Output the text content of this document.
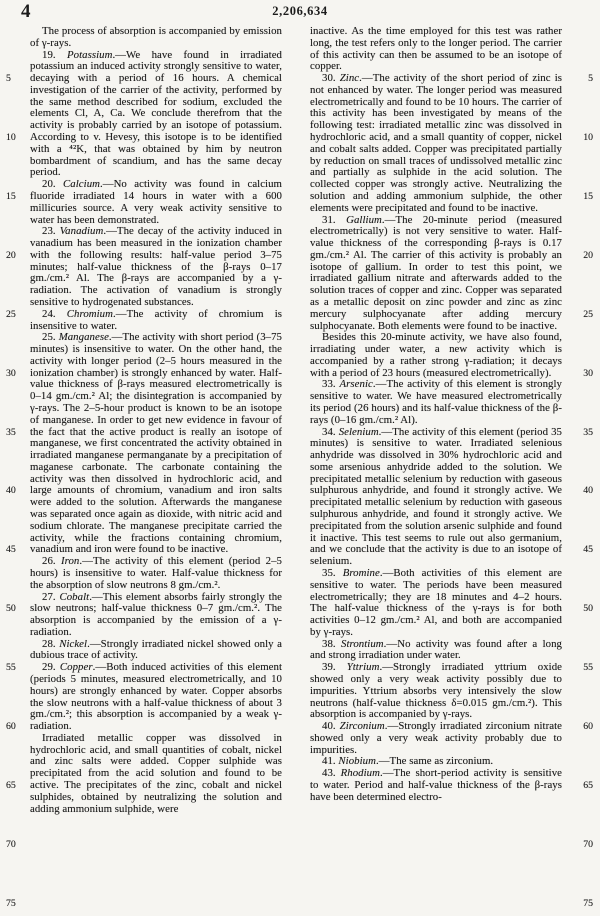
4	2,206,634
5
10
15
20
25
30
35
40
45
50
55
60
65
70
75

The process of absorption is accompanied by emission of γ-rays.

19. Potassium.—We have found in irradiated potassium an induced activity strongly sensitive to water, decaying with a period of 16 hours. A chemical investigation of the carrier of the activity, performed by the same method described for sodium, excluded the elements Cl, A, Ca. We conclude therefrom that the activity is probably carried by an isotope of potassium. According to v. Hevesy, this isotope is to be identified with a ⁴²K, that was obtained by him by neutron bombardment of scandium, and has the same decay period.

20. Calcium.—No activity was found in calcium fluoride irradiated 14 hours in water with a 600 millicuries source. A very weak activity sensitive to water has been demonstrated.

23. Vanadium.—The decay of the activity induced in vanadium has been measured in the ionization chamber with the following results: half-value period 3–75 minutes; half-value thickness of the β-rays 0–17 gm./cm.² Al. The β-rays are accompanied by a γ-radiation. The activation of vanadium is strongly sensitive to hydrogenated substances.

24. Chromium.—The activity of chromium is insensitive to water.

25. Manganese.—The activity with short period (3–75 minutes) is insensitive to water. On the other hand, the activity with longer period (2–5 hours measured in the ionization chamber) is strongly enhanced by water. Half-value thickness of β-rays measured electrometrically is 0–14 gm./cm.² Al; the disintegration is accompanied by γ-rays. The 2–5-hour product is known to be an isotope of manganese. In order to get new evidence in favour of the fact that the active product is really an isotope of manganese, we first concentrated the activity obtained in irradiated manganese permanganate by a precipitation of maganese carbonate. The carbonate containing the activity was then dissolved in hydrochloric acid, and large amounts of chromium, vanadium and iron salts were added to the solution. Afterwards the manganese was separated once again as dioxide, with nitric acid and sodium chlorate. The manganese precipitate carried the activity, while the fractions containing chromium, vanadium and iron were found to be inactive.

26. Iron.—The activity of this element (period 2–5 hours) is insensitive to water. Half-value thickness for the absorption of slow neutrons 8 gm./cm.².

27. Cobalt.—This element absorbs fairly strongly the slow neutrons; half-value thickness 0–7 gm./cm.². The absorption is accompanied by the emission of a γ-radiation.

28. Nickel.—Strongly irradiated nickel showed only a dubious trace of activity.

29. Copper.—Both induced activities of this element (periods 5 minutes, measured electrometrically, and 10 hours) are strongly enhanced by water. Copper absorbs the slow neutrons with a half-value thickness of about 3 gm./cm.²; this absorption is accompanied by a weak γ-radiation.

Irradiated metallic copper was dissolved in hydrochloric acid, and small quantities of cobalt, nickel and zinc salts were added. Copper sulphide was precipitated from the acid solution and found to be active. The precipitates of the zinc, cobalt and nickel sulphides, obtained by neutralizing the solution and adding ammonium sulphide, were

inactive. As the time employed for this test was rather long, the test refers only to the longer period. The carrier of this activity can then be assumed to be an isotope of copper.

30. Zinc.—The activity of the short period of zinc is not enhanced by water. The longer period was measured electrometrically and found to be 10 hours. The carrier of this activity has been investigated by means of the following test: irradiated metallic zinc was dissolved in hydrochloric acid, and a small quantity of copper, nickel and cobalt salts added. Copper was precipitated partially by reduction on small traces of undissolved metallic zinc and partially as sulphide in the acid solution. The collected copper was strongly active. Neutralizing the solution and adding ammonium sulphide, the other elements were precipitated and found to be inactive.

31. Gallium.—The 20-minute period (measured electrometrically) is not very sensitive to water. Half-value thickness of the corresponding β-rays is 0.17 gm./cm.² Al. The carrier of this activity is probably an isotope of gallium. In order to test this point, we irradiated gallium nitrate and afterwards added to the solution traces of copper and zinc. Copper was separated as a metallic deposit on zinc powder and zinc as zinc mercury sulphocyanate after adding mercury sulphocyanate. Both elements were found to be inactive.

Besides this 20-minute activity, we have also found, irradiating under water, a new activity which is accompanied by a rather strong γ-radiation; it decays with a period of 23 hours (measured electrometrically).

33. Arsenic.—The activity of this element is strongly sensitive to water. We have measured electrometrically its period (26 hours) and its half-value thickness of the β-rays (0–16 gm./cm.² Al).

34. Selenium.—The activity of this element (period 35 minutes) is sensitive to water. Irradiated selenious anhydride was dissolved in 30% hydrochloric acid and some arsenious anhydride added to the solution. We precipitated metallic selenium by reduction with gaseous sulphurous anhydride, and found it strongly active. We precipitated metallic selenium by reduction with gaseous sulphurous anhydride, and found it strongly active. We precipitated from the solution arsenic sulphide and found it inactive. This test seems to rule out also germanium, and we conclude that the activity is due to an isotope of selenium.

35. Bromine.—Both activities of this element are sensitive to water. The periods have been measured electrometrically; they are 18 minutes and 4–2 hours. The half-value thickness of the γ-rays is for both activities 0–12 gm./cm.² Al, and both are accompanied by γ-rays.

38. Strontium.—No activity was found after a long and strong irradiation under water.

39. Yttrium.—Strongly irradiated yttrium oxide showed only a very weak activity possibly due to impurities. Yttrium absorbs very intensively the slow neutrons (half-value thickness δ=0.015 gm./cm.²). This absorption is accompanied by γ-rays.

40. Zirconium.—Strongly irradiated zirconium nitrate showed only a very weak activity probably due to impurities.

41. Niobium.—The same as zirconium.

43. Rhodium.—The short-period activity is sensitive to water. Period and half-value thickness of the β-rays have been determined electro-

5
10
15
20
25
30
35
40
45
50
55
60
65
70
75
